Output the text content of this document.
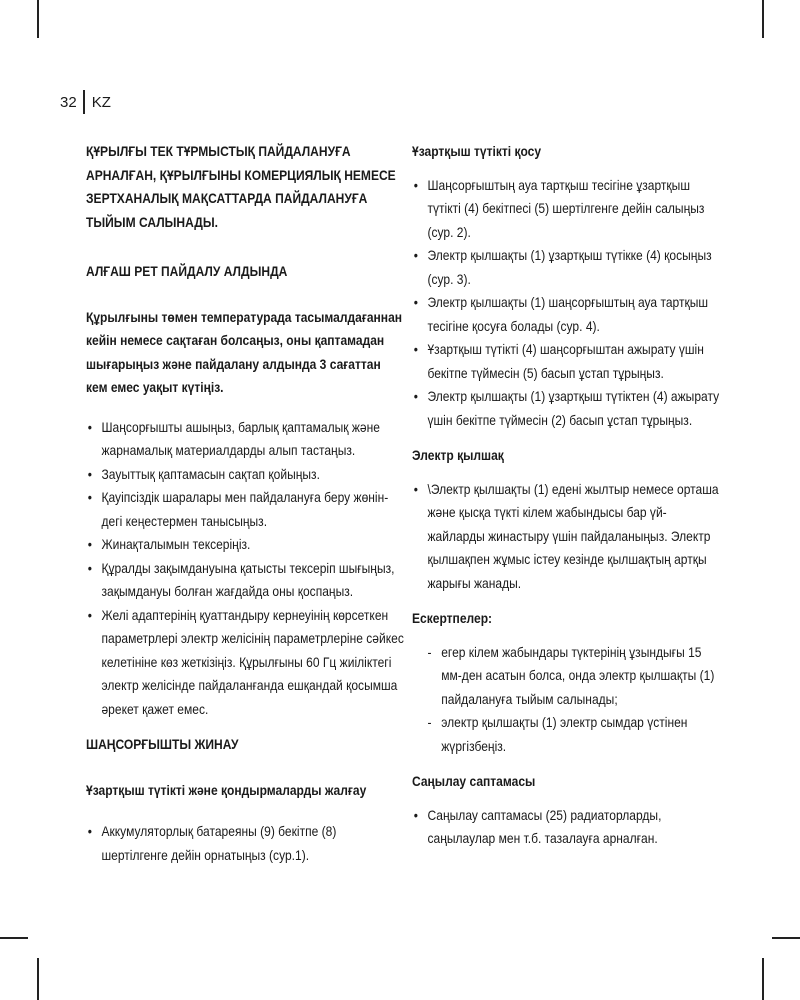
32 KZ

ҚҰРЫЛҒЫ ТЕК ТҰРМЫСТЫҚ ПАЙДАЛАНУҒА АРНАЛҒАН, ҚҰРЫЛҒЫНЫ КОМЕРЦИЯЛЫҚ НЕМЕСЕ ЗЕРТХАНАЛЫҚ МАҚСАТТАРДА ПАЙДАЛАНУҒА ТЫЙЫМ САЛЫНАДЫ.

АЛҒАШ РЕТ ПАЙДАЛУ АЛДЫНДА

Құрылғыны төмен температурада тасымалдағаннан кейін немесе сақтаған болсаңыз, оны қаптамадан шығарыңыз және пайдалану алдында 3 сағаттан кем емес уақыт күтіңіз.

• Шаңсорғышты ашыңыз, барлық қаптамалық және жарнамалық материалдарды алып тастаңыз.
• Зауыттық қаптамасын сақтап қойыңыз.
• Қауіпсіздік шаралары мен пайдалануға беру жөнін-дегі кеңестермен танысыңыз.
• Жинақталымын тексеріңіз.
• Құралды зақымдануына қатысты тексеріп шығыңыз, зақымдануы болған жағдайда оны қоспаңыз.
• Желі адаптерінің қуаттандыру кернеуінің көрсеткен параметрлері электр желісінің параметрлеріне сәйкес келетініне көз жеткізіңіз. Құрылғыны 60 Гц жиіліктегі электр желісінде пайдаланғанда ешқандай қосымша әрекет қажет емес.

ШАҢСОРҒЫШТЫ ЖИНАУ

Ұзартқыш түтікті және қондырмаларды жалғау

• Аккумуляторлық батареяны (9) бекітпе (8) шертілгенге дейін орнатыңыз (сур.1).

Ұзартқыш түтікті қосу

• Шаңсорғыштың ауа тартқыш тесігіне ұзартқыш түтікті (4) бекітпесі (5) шертілгенге дейін салыңыз (сур. 2).
• Электр қылшақты (1) ұзартқыш түтікке (4) қосыңыз (сур. 3).
• Электр қылшақты (1) шаңсорғыштың ауа тартқыш тесігіне қосуға болады (сур. 4).
• Ұзартқыш түтікті (4) шаңсорғыштан ажырату үшін бекітпе түймесін (5) басып ұстап тұрыңыз.
• Электр қылшақты (1) ұзартқыш түтіктен (4) ажырату үшін бекітпе түймесін (2) басып ұстап тұрыңыз.

Электр қылшақ

• \Электр қылшақты (1) едені жылтыр немесе орташа және қысқа түкті кілем жабындысы бар үй-жайларды жинастыру үшін пайдаланыңыз. Электр қылшақпен жұмыс істеу кезінде қылшақтың артқы жарығы жанады.

Ескертпелер:

- егер кілем жабындары түктерінің ұзындығы 15 мм-ден асатын болса, онда электр қылшақты (1) пайдалануға тыйым салынады;
- электр қылшақты (1) электр сымдар үстінен жүргізбеңіз.

Саңылау саптамасы

• Саңылау саптамасы (25) радиаторларды, саңылаулар мен т.б. тазалауға арналған.
